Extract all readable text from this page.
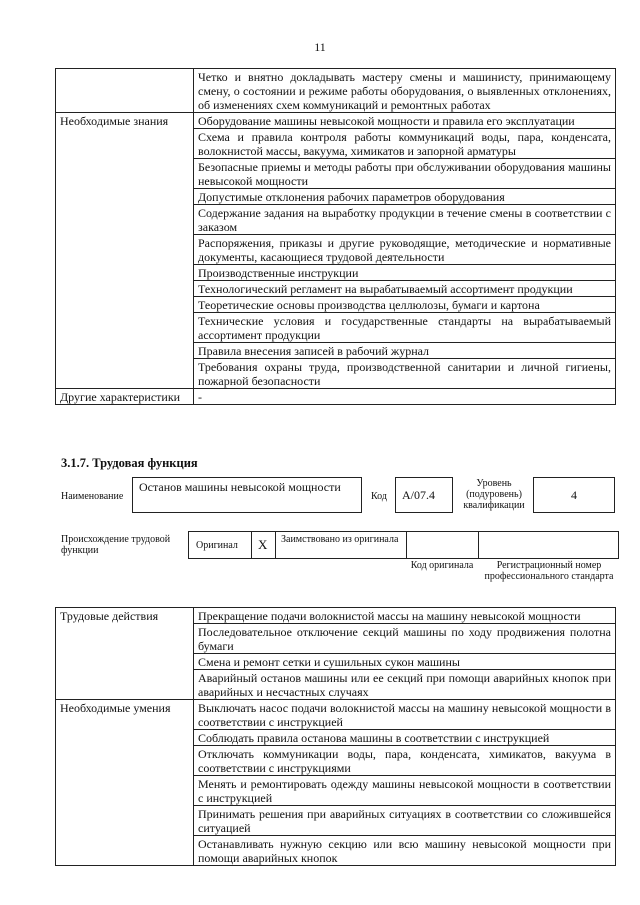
11
	Четко и внятно докладывать мастеру смены и машинисту, принимающему смену, о состоянии и режиме работы оборудования, о выявленных отклонениях, об изменениях схем коммуникаций и ремонтных работах
Необходимые знания	Оборудование машины невысокой мощности и правила его эксплуатации
	Схема и правила контроля работы коммуникаций воды, пара, конденсата, волокнистой массы, вакуума, химикатов и запорной арматуры
	Безопасные приемы и методы работы при обслуживании оборудования машины невысокой мощности
	Допустимые отклонения рабочих параметров оборудования
	Содержание задания на выработку продукции в течение смены в соответствии с заказом
	Распоряжения, приказы и другие руководящие, методические и нормативные документы, касающиеся трудовой деятельности
	Производственные инструкции
	Технологический регламент на вырабатываемый ассортимент продукции
	Теоретические основы производства целлюлозы, бумаги и картона
	Технические условия и государственные стандарты на вырабатываемый ассортимент продукции
	Правила внесения записей в рабочий журнал
	Требования охраны труда, производственной санитарии и личной гигиены, пожарной безопасности
Другие характеристики	-
3.1.7. Трудовая функция
Наименование
Останов машины невысокой мощности
Код	А/07.4
Уровень (подуровень) квалификации
4
Происхождение трудовой функции	Оригинал Х Заимствовано из оригинала
Код оригинала	Регистрационный номер профессионального стандарта
Трудовые действия	Прекращение подачи волокнистой массы на машину невысокой мощности
	Последовательное отключение секций машины по ходу продвижения полотна бумаги
	Смена и ремонт сетки и сушильных сукон машины
	Аварийный останов машины или ее секций при помощи аварийных кнопок при аварийных и несчастных случаях
Необходимые умения	Выключать насос подачи волокнистой массы на машину невысокой мощности в соответствии с инструкцией
	Соблюдать правила останова машины в соответствии с инструкцией
	Отключать коммуникации воды, пара, конденсата, химикатов, вакуума в соответствии с инструкциями
	Менять и ремонтировать одежду машины невысокой мощности в соответствии с инструкцией
	Принимать решения при аварийных ситуациях в соответствии со сложившейся ситуацией
	Останавливать нужную секцию или всю машину невысокой мощности при помощи аварийных кнопок
